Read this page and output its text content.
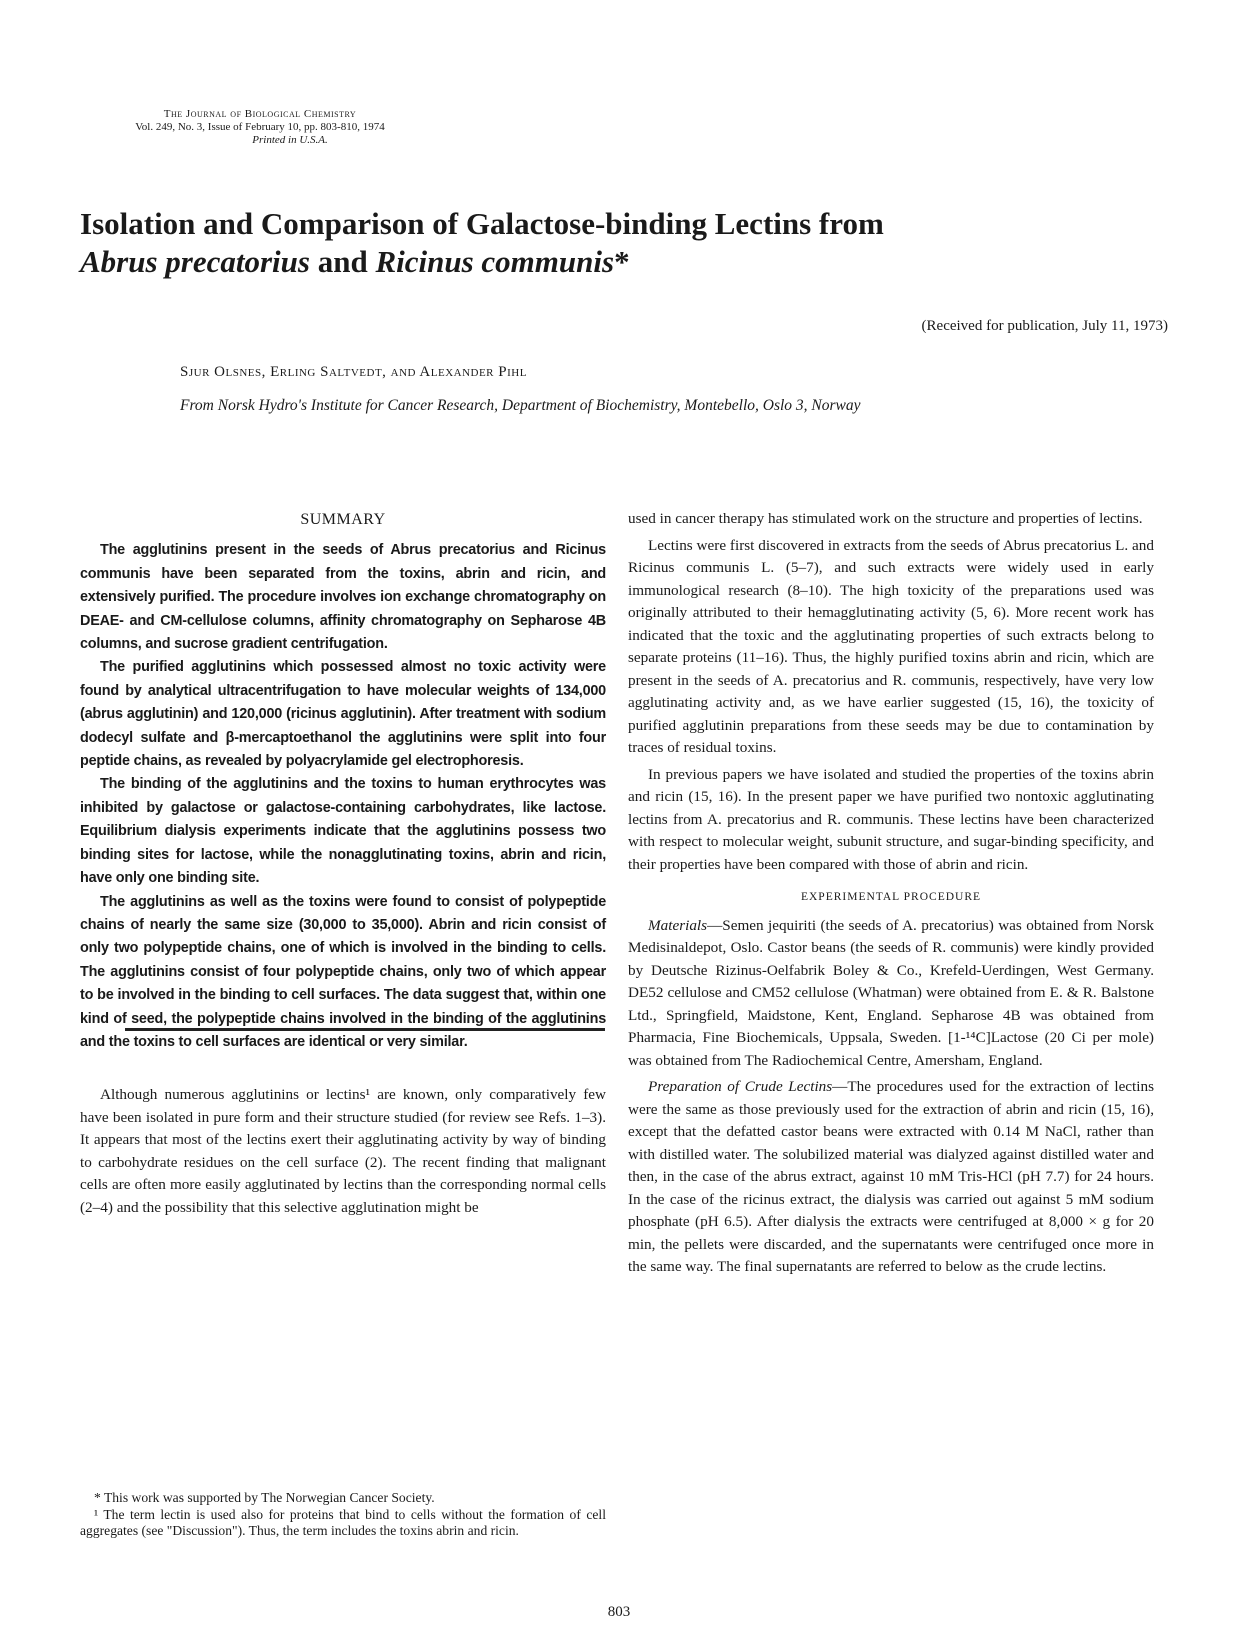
The Journal of Biological Chemistry
Vol. 249, No. 3, Issue of February 10, pp. 803-810, 1974
Printed in U.S.A.
Isolation and Comparison of Galactose-binding Lectins from
Abrus precatorius and Ricinus communis*
(Received for publication, July 11, 1973)
Sjur Olsnes, Erling Saltvedt, and Alexander Pihl
From Norsk Hydro's Institute for Cancer Research, Department of Biochemistry, Montebello, Oslo 3, Norway
SUMMARY

The agglutinins present in the seeds of Abrus precatorius and Ricinus communis have been separated from the toxins, abrin and ricin, and extensively purified. The procedure involves ion exchange chromatography on DEAE- and CM-cellulose columns, affinity chromatography on Sepharose 4B columns, and sucrose gradient centrifugation.

The purified agglutinins which possessed almost no toxic activity were found by analytical ultracentrifugation to have molecular weights of 134,000 (abrus agglutinin) and 120,000 (ricinus agglutinin). After treatment with sodium dodecyl sulfate and β-mercaptoethanol the agglutinins were split into four peptide chains, as revealed by polyacrylamide gel electrophoresis.

The binding of the agglutinins and the toxins to human erythrocytes was inhibited by galactose or galactose-containing carbohydrates, like lactose. Equilibrium dialysis experiments indicate that the agglutinins possess two binding sites for lactose, while the nonagglutinating toxins, abrin and ricin, have only one binding site.

The agglutinins as well as the toxins were found to consist of polypeptide chains of nearly the same size (30,000 to 35,000). Abrin and ricin consist of only two polypeptide chains, one of which is involved in the binding to cells. The agglutinins consist of four polypeptide chains, only two of which appear to be involved in the binding to cell surfaces. The data suggest that, within one kind of seed, the polypeptide chains involved in the binding of the agglutinins and the toxins to cell surfaces are identical or very similar.

Although numerous agglutinins or lectins¹ are known, only comparatively few have been isolated in pure form and their structure studied (for review see Refs. 1–3). It appears that most of the lectins exert their agglutinating activity by way of binding to carbohydrate residues on the cell surface (2). The recent finding that malignant cells are often more easily agglutinated by lectins than the corresponding normal cells (2–4) and the possibility that this selective agglutination might be

* This work was supported by The Norwegian Cancer Society.

¹ The term lectin is used also for proteins that bind to cells without the formation of cell aggregates (see "Discussion"). Thus, the term includes the toxins abrin and ricin.

used in cancer therapy has stimulated work on the structure and properties of lectins.

Lectins were first discovered in extracts from the seeds of Abrus precatorius L. and Ricinus communis L. (5–7), and such extracts were widely used in early immunological research (8–10). The high toxicity of the preparations used was originally attributed to their hemagglutinating activity (5, 6). More recent work has indicated that the toxic and the agglutinating properties of such extracts belong to separate proteins (11–16). Thus, the highly purified toxins abrin and ricin, which are present in the seeds of A. precatorius and R. communis, respectively, have very low agglutinating activity and, as we have earlier suggested (15, 16), the toxicity of purified agglutinin preparations from these seeds may be due to contamination by traces of residual toxins.

In previous papers we have isolated and studied the properties of the toxins abrin and ricin (15, 16). In the present paper we have purified two nontoxic agglutinating lectins from A. precatorius and R. communis. These lectins have been characterized with respect to molecular weight, subunit structure, and sugar-binding specificity, and their properties have been compared with those of abrin and ricin.

EXPERIMENTAL PROCEDURE

Materials—Semen jequiriti (the seeds of A. precatorius) was obtained from Norsk Medisinaldepot, Oslo. Castor beans (the seeds of R. communis) were kindly provided by Deutsche Rizinus-Oelfabrik Boley & Co., Krefeld-Uerdingen, West Germany. DE52 cellulose and CM52 cellulose (Whatman) were obtained from E. & R. Balstone Ltd., Springfield, Maidstone, Kent, England. Sepharose 4B was obtained from Pharmacia, Fine Biochemicals, Uppsala, Sweden. [1-¹⁴C]Lactose (20 Ci per mole) was obtained from The Radiochemical Centre, Amersham, England.

Preparation of Crude Lectins—The procedures used for the extraction of lectins were the same as those previously used for the extraction of abrin and ricin (15, 16), except that the defatted castor beans were extracted with 0.14 M NaCl, rather than with distilled water. The solubilized material was dialyzed against distilled water and then, in the case of the abrus extract, against 10 mM Tris-HCl (pH 7.7) for 24 hours. In the case of the ricinus extract, the dialysis was carried out against 5 mM sodium phosphate (pH 6.5). After dialysis the extracts were centrifuged at 8,000 × g for 20 min, the pellets were discarded, and the supernatants were centrifuged once more in the same way. The final supernatants are referred to below as the crude lectins.

803
